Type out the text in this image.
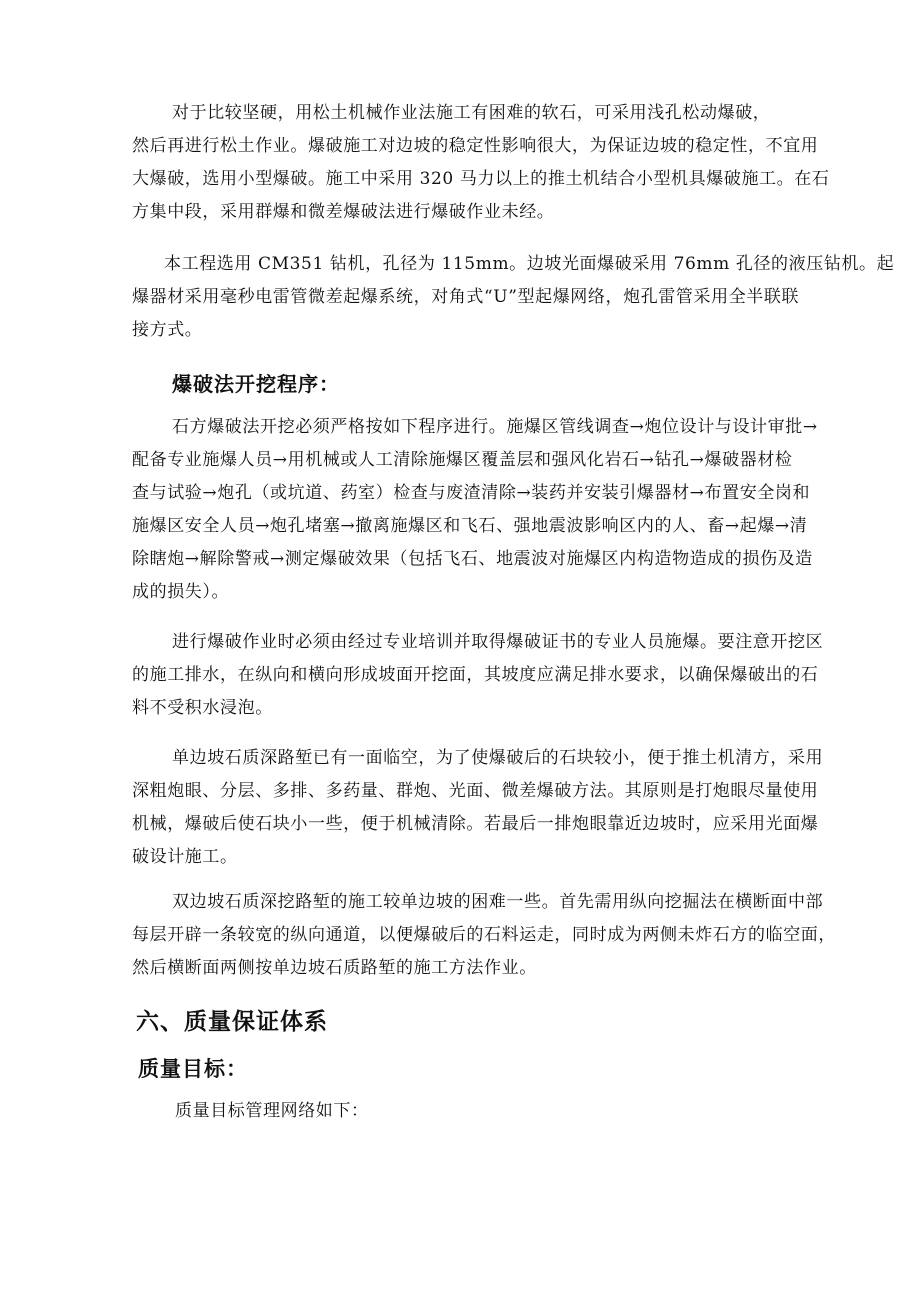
对于比较坚硬，用松土机械作业法施工有困难的软石，可采用浅孔松动爆破，
然后再进行松土作业。爆破施工对边坡的稳定性影响很大，为保证边坡的稳定性，不宜用
大爆破，选用小型爆破。施工中采用 320 马力以上的推土机结合小型机具爆破施工。在石
方集中段，采用群爆和微差爆破法进行爆破作业未经。
本工程选用 CM351 钻机，孔径为 115mm。边坡光面爆破采用 76mm 孔径的液压钻机。起
爆器材采用毫秒电雷管微差起爆系统，对角式“U”型起爆网络，炮孔雷管采用全半联联
接方式。
爆破法开挖程序：
石方爆破法开挖必须严格按如下程序进行。施爆区管线调查→炮位设计与设计审批→
配备专业施爆人员→用机械或人工清除施爆区覆盖层和强风化岩石→钻孔→爆破器材检
查与试验→炮孔（或坑道、药室）检查与废渣清除→装药并安装引爆器材→布置安全岗和
施爆区安全人员→炮孔堵塞→撤离施爆区和飞石、强地震波影响区内的人、畜→起爆→清
除瞎炮→解除警戒→测定爆破效果（包括飞石、地震波对施爆区内构造物造成的损伤及造
成的损失）。
进行爆破作业时必须由经过专业培训并取得爆破证书的专业人员施爆。要注意开挖区
的施工排水，在纵向和横向形成坡面开挖面，其坡度应满足排水要求，以确保爆破出的石
料不受积水浸泡。
单边坡石质深路堑已有一面临空，为了使爆破后的石块较小，便于推土机清方，采用
深粗炮眼、分层、多排、多药量、群炮、光面、微差爆破方法。其原则是打炮眼尽量使用
机械，爆破后使石块小一些，便于机械清除。若最后一排炮眼靠近边坡时，应采用光面爆
破设计施工。
双边坡石质深挖路堑的施工较单边坡的困难一些。首先需用纵向挖掘法在横断面中部
每层开辟一条较宽的纵向通道，以便爆破后的石料运走，同时成为两侧未炸石方的临空面，
然后横断面两侧按单边坡石质路堑的施工方法作业。
六、质量保证体系
质量目标：

质量目标管理网络如下：
